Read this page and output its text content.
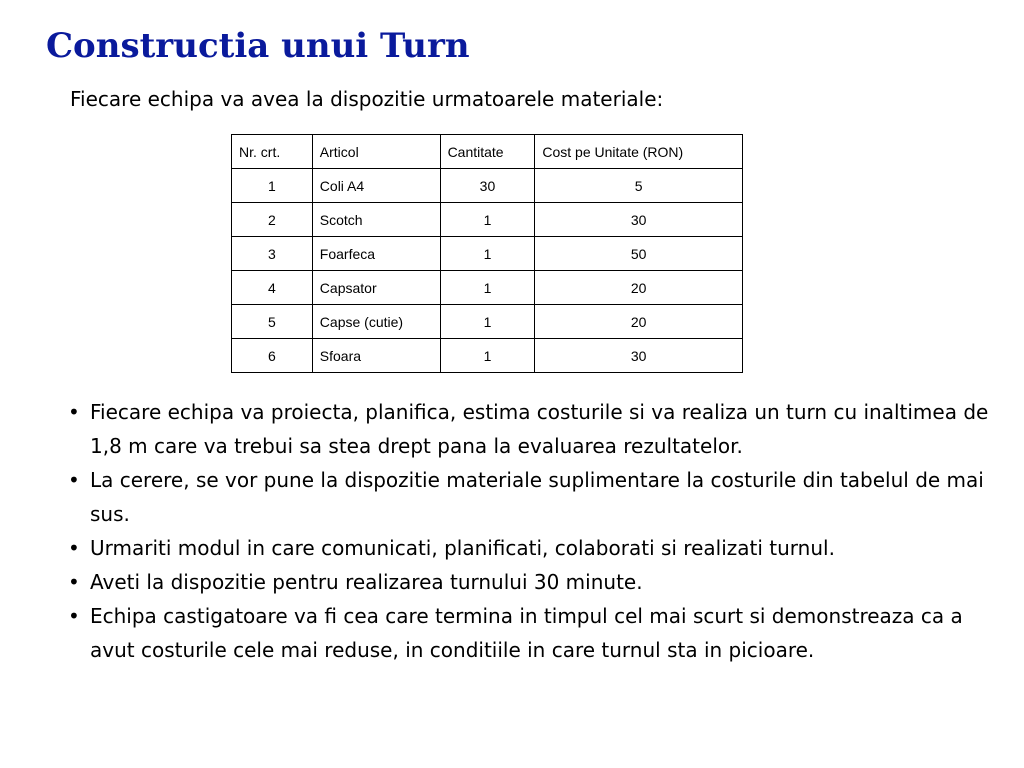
Constructia unui Turn

Fiecare echipa va avea la dispozitie urmatoarele materiale:

Nr. crt.	Articol	Cantitate	Cost pe Unitate (RON)
1	Coli A4	30	5
2	Scotch	1	30
3	Foarfeca	1	50
4	Capsator	1	20
5	Capse (cutie)	1	20
6	Sfoara	1	30
• Fiecare echipa va proiecta, planifica, estima costurile si va realiza un turn cu inaltimea de 1,8 m care va trebui sa stea drept pana la evaluarea rezultatelor.
• La cerere, se vor pune la dispozitie materiale suplimentare la costurile din tabelul de mai sus.
• Urmariti modul in care comunicati, planificati, colaborati si realizati turnul.
• Aveti la dispozitie pentru realizarea turnului 30 minute.
• Echipa castigatoare va fi cea care termina in timpul cel mai scurt si demonstreaza ca a avut costurile cele mai reduse, in conditiile in care turnul sta in picioare.
